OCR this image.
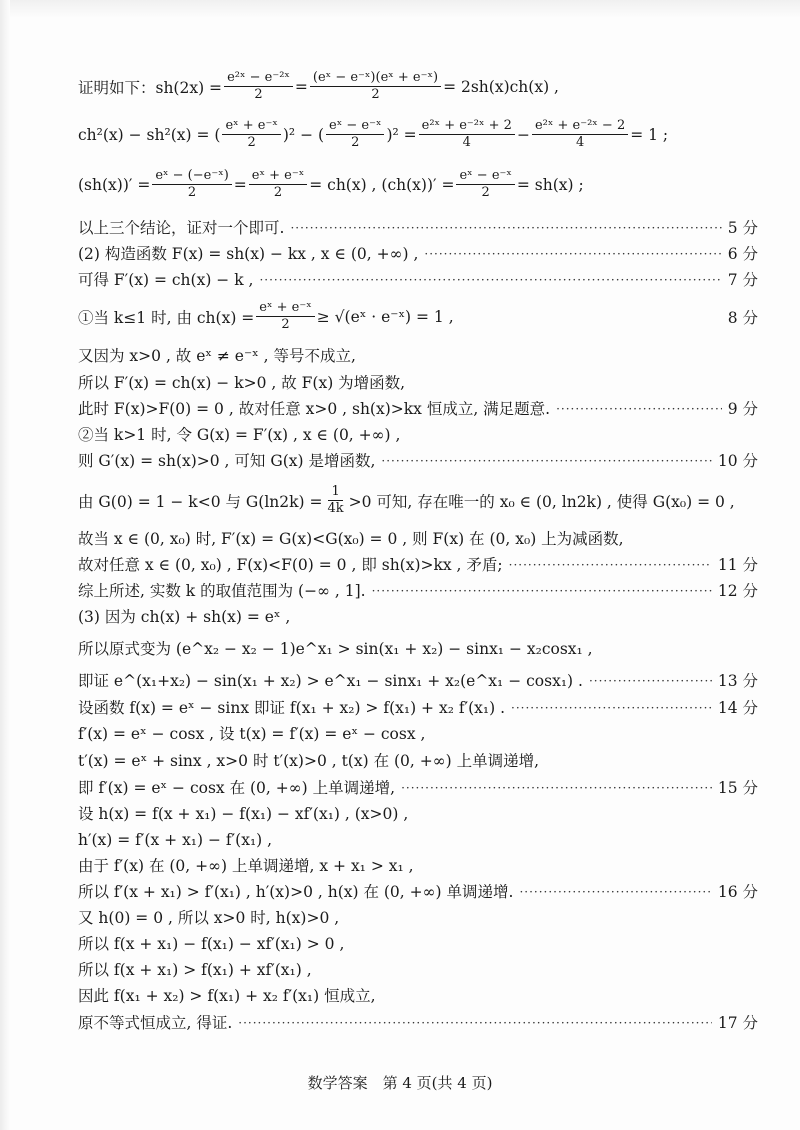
证明如下：$sh(2x) = \frac{\text{e²ˣ − e⁻²ˣ}}{2} = \frac{\text{(eˣ − e⁻ˣ)(eˣ + e⁻ˣ)}}{2} = 2sh(x)ch(x)$ ,
ch²(x) − sh²(x) = ( $\frac{\text{eˣ + e⁻ˣ}}{2} )^2$ − ( $\frac{\text{eˣ − e⁻ˣ}}{2} )^2 = \frac{\text{e²ˣ + e⁻²ˣ + 2}}{4} - \frac{\text{e²ˣ + e⁻²ˣ − 2}}{4} = 1$ ;
$(sh(x))' = \frac{\text{eˣ − (−e⁻ˣ)}}{2} = \frac{\text{eˣ + e⁻ˣ}}{2} = ch(x)$ , $(ch(x))' = \frac{\text{eˣ − e⁻ˣ}}{2} = sh(x)$ ;
以上三个结论，证对一个即可. ·····	5 分
(2) 构造函数 F(x) = sh(x) − kx , x ∈ (0, +∞) , ·····	6 分
可得 F′(x) = ch(x) − k , ·····	7 分
①当 k≤1 时, 由 $ch(x) = \frac{\text{eˣ + e⁻ˣ}}{2}$ ≥ √(eˣ · e⁻ˣ) = 1 ,	8 分
又因为 x>0 , 故 eˣ ≠ e⁻ˣ , 等号不成立,
所以 F′(x) = ch(x) − k>0 , 故 F(x) 为增函数,
此时 F(x)>F(0) = 0 , 故对任意 x>0 , sh(x)>kx 恒成立, 满足题意. ·····	9 分
②当 k>1 时, 令 G(x) = F′(x) , x ∈ (0, +∞) ,
则 G′(x) = sh(x)>0 , 可知 G(x) 是增函数, ·····	10 分
由 G(0) = 1 − k<0 与 $G(\ln 2k) = \frac{1}{4k} >0$ 可知, 存在唯一的 x₀ ∈ (0, ln2k) , 使得 G(x₀) = 0 ,
故当 x ∈ (0, x₀) 时, F′(x) = G(x)<G(x₀) = 0 , 则 F(x) 在 (0, x₀) 上为减函数,
故对任意 x ∈ (0, x₀) , F(x)<F(0) = 0 , 即 sh(x)>kx , 矛盾; ·····	11 分
综上所述, 实数 k 的取值范围为 (−∞ , 1]. ·····	12 分
(3) 因为 ch(x) + sh(x) = eˣ ,
所以原式变为 (e^x₂ − x₂ − 1)e^x₁ > sin(x₁ + x₂) − sinx₁ − x₂cosx₁ ,
即证 e^(x₁+x₂) − sin(x₁ + x₂) > e^x₁ − sinx₁ + x₂(e^x₁ − cosx₁) . ·····	13 分
设函数 f(x) = eˣ − sinx 即证 f(x₁ + x₂) > f(x₁) + x₂ f′(x₁) . ·····	14 分
f′(x) = eˣ − cosx , 设 t(x) = f′(x) = eˣ − cosx ,
t′(x) = eˣ + sinx , x>0 时 t′(x)>0 , t(x) 在 (0, +∞) 上单调递增,
即 f′(x) = eˣ − cosx 在 (0, +∞) 上单调递增, ·····	15 分
设 h(x) = f(x + x₁) − f(x₁) − xf′(x₁) , (x>0) ,
h′(x) = f′(x + x₁) − f′(x₁) ,
由于 f′(x) 在 (0, +∞) 上单调递增, x + x₁ > x₁ ,
所以 f′(x + x₁) > f′(x₁) , h′(x)>0 , h(x) 在 (0, +∞) 单调递增. ·····	16 分
又 h(0) = 0 , 所以 x>0 时, h(x)>0 ,
所以 f(x + x₁) − f(x₁) − xf′(x₁) > 0 ,
所以 f(x + x₁) > f(x₁) + xf′(x₁) ,
因此 f(x₁ + x₂) > f(x₁) + x₂ f′(x₁) 恒成立,
原不等式恒成立, 得证. ·····	17 分
数学答案　第 4 页(共 4 页)
